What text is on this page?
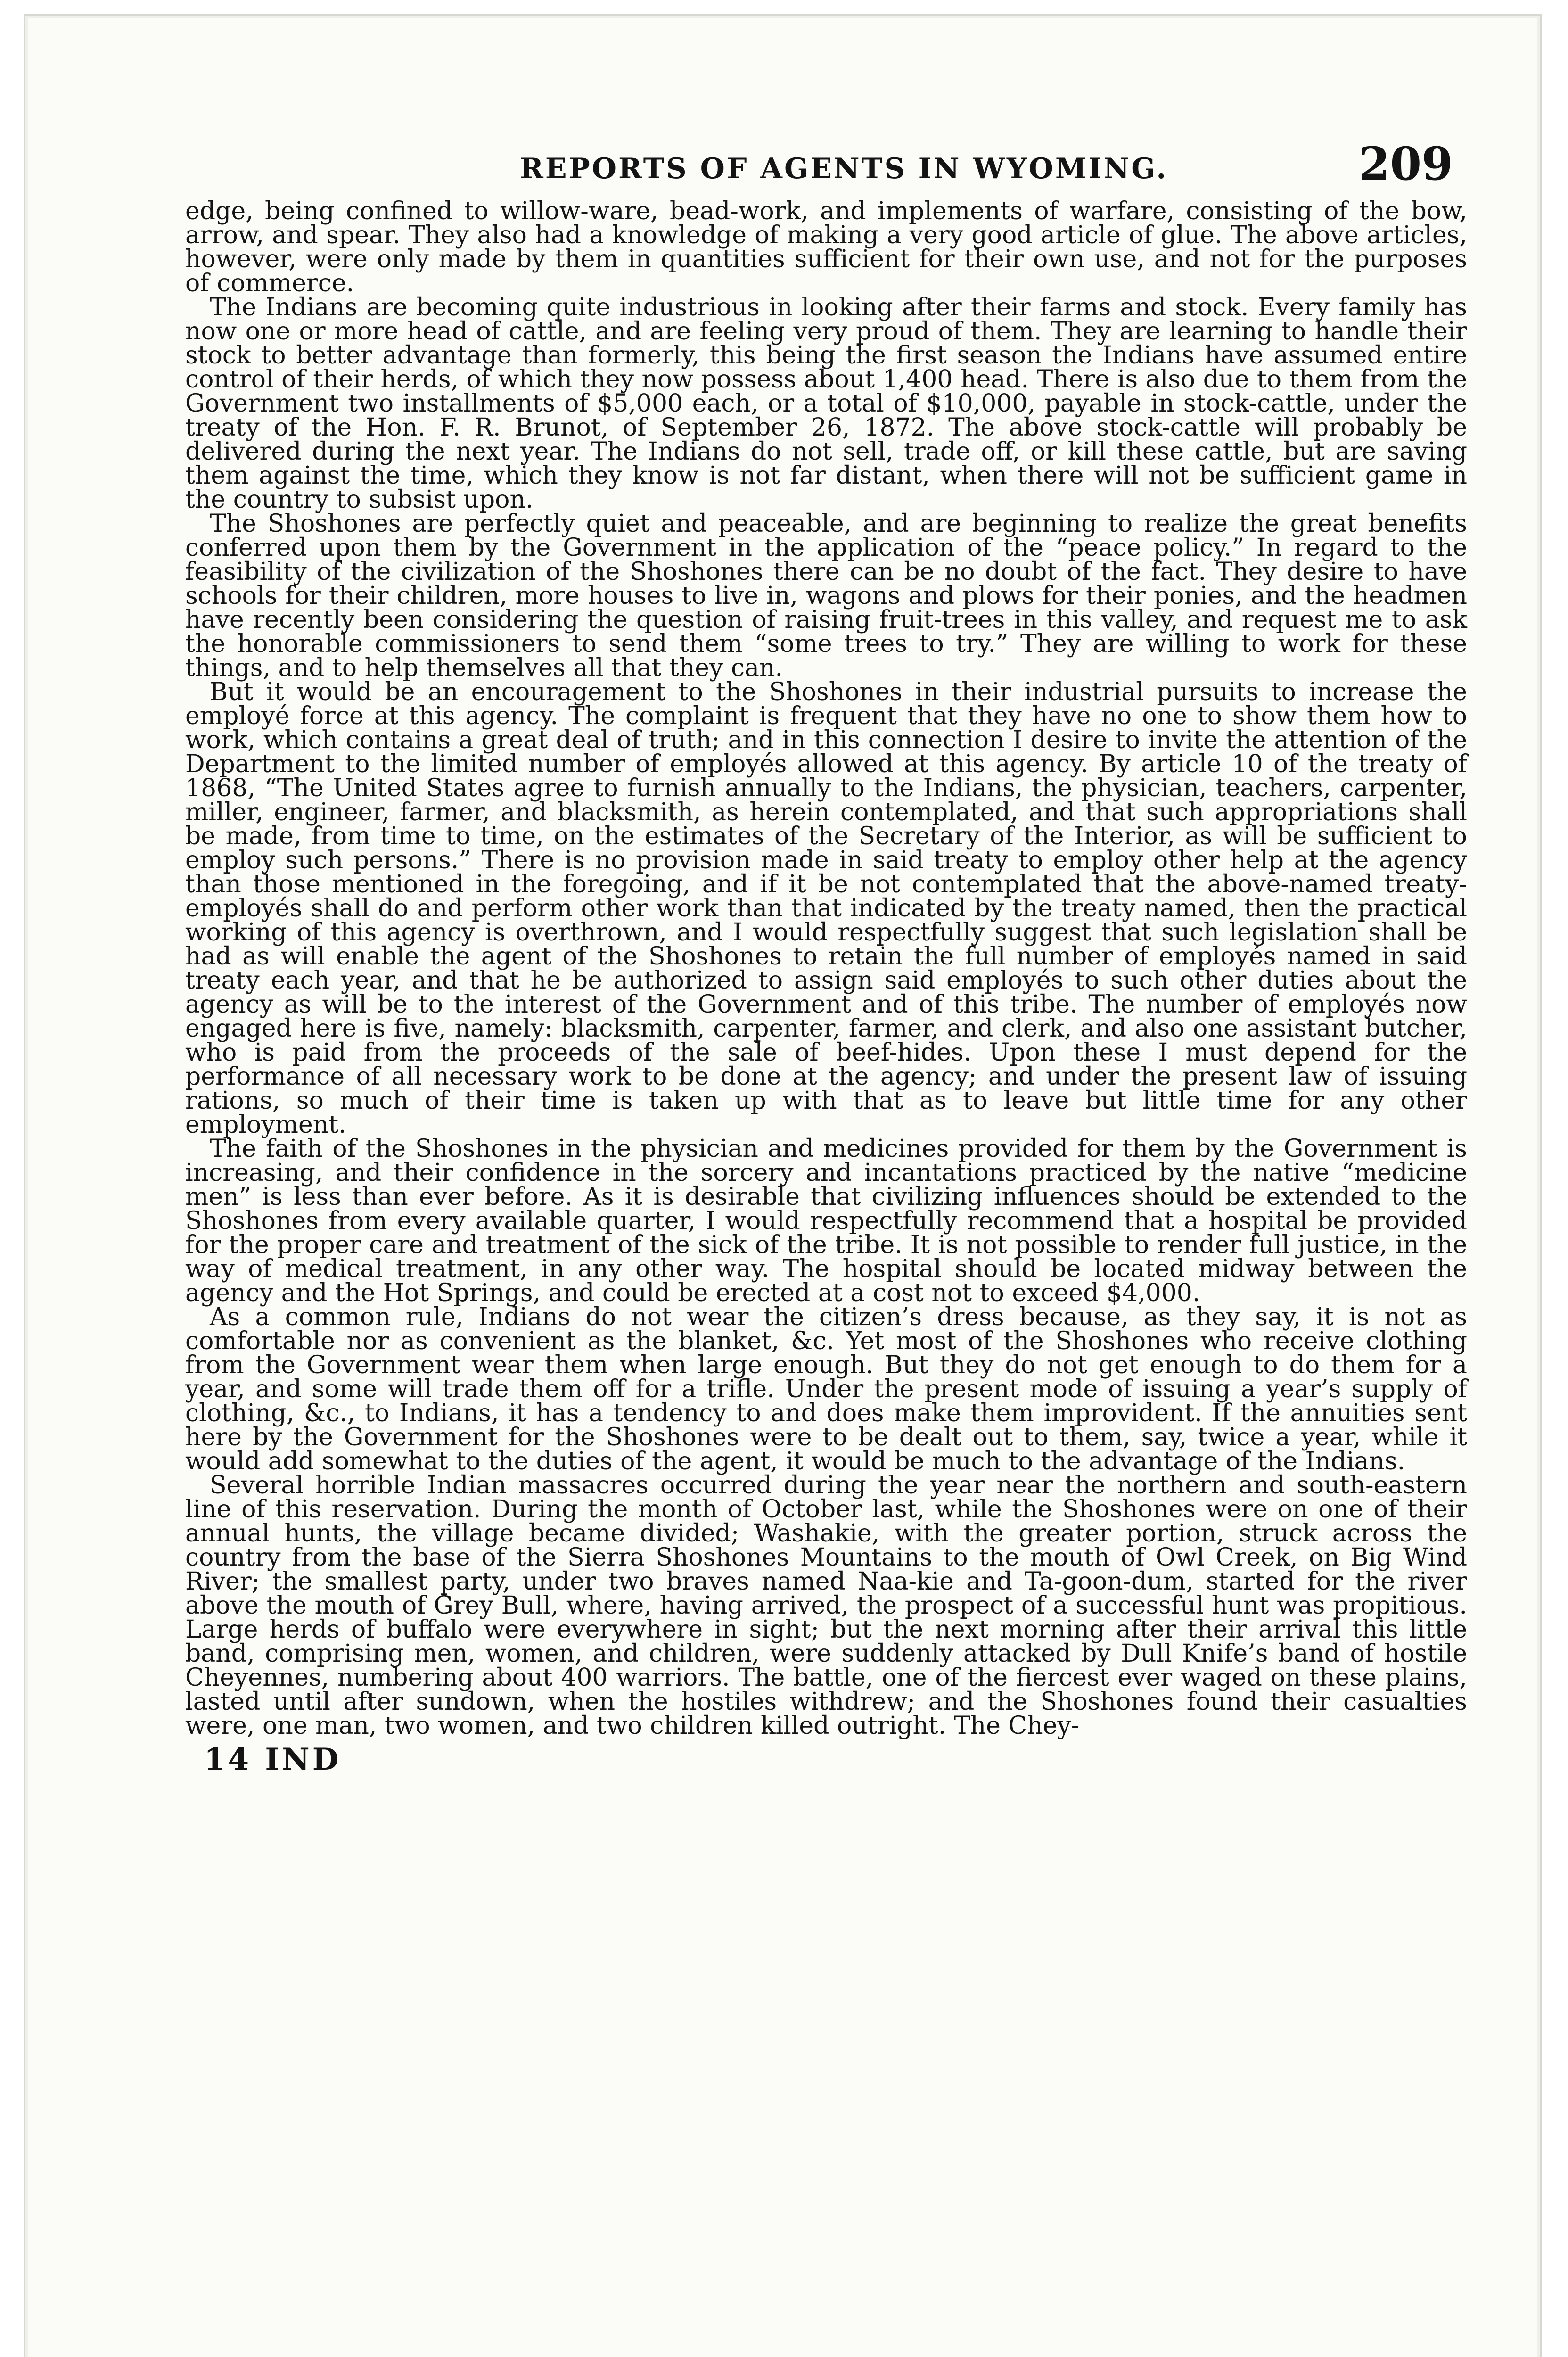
REPORTS OF AGENTS IN WYOMING.	209

edge, being confined to willow-ware, bead-work, and implements of warfare, consisting of the bow, arrow, and spear. They also had a knowledge of making a very good article of glue. The above articles, however, were only made by them in quantities sufficient for their own use, and not for the purposes of commerce.

The Indians are becoming quite industrious in looking after their farms and stock. Every family has now one or more head of cattle, and are feeling very proud of them. They are learning to handle their stock to better advantage than formerly, this being the first season the Indians have assumed entire control of their herds, of which they now possess about 1,400 head. There is also due to them from the Government two installments of $5,000 each, or a total of $10,000, payable in stock-cattle, under the treaty of the Hon. F. R. Brunot, of September 26, 1872. The above stock-cattle will probably be delivered during the next year. The Indians do not sell, trade off, or kill these cattle, but are saving them against the time, which they know is not far distant, when there will not be sufficient game in the country to subsist upon.

The Shoshones are perfectly quiet and peaceable, and are beginning to realize the great benefits conferred upon them by the Government in the application of the “peace policy.” In regard to the feasibility of the civilization of the Shoshones there can be no doubt of the fact. They desire to have schools for their children, more houses to live in, wagons and plows for their ponies, and the headmen have recently been considering the question of raising fruit-trees in this valley, and request me to ask the honorable commissioners to send them “some trees to try.” They are willing to work for these things, and to help themselves all that they can.

But it would be an encouragement to the Shoshones in their industrial pursuits to increase the employé force at this agency. The complaint is frequent that they have no one to show them how to work, which contains a great deal of truth; and in this connection I desire to invite the attention of the Department to the limited number of employés allowed at this agency. By article 10 of the treaty of 1868, “The United States agree to furnish annually to the Indians, the physician, teachers, carpenter, miller, engineer, farmer, and blacksmith, as herein contemplated, and that such appropriations shall be made, from time to time, on the estimates of the Secretary of the Interior, as will be sufficient to employ such persons.” There is no provision made in said treaty to employ other help at the agency than those mentioned in the foregoing, and if it be not contemplated that the above-named treaty-employés shall do and perform other work than that indicated by the treaty named, then the practical working of this agency is overthrown, and I would respectfully suggest that such legislation shall be had as will enable the agent of the Shoshones to retain the full number of employés named in said treaty each year, and that he be authorized to assign said employés to such other duties about the agency as will be to the interest of the Government and of this tribe. The number of employés now engaged here is five, namely: blacksmith, carpenter, farmer, and clerk, and also one assistant butcher, who is paid from the proceeds of the sale of beef-hides. Upon these I must depend for the performance of all necessary work to be done at the agency; and under the present law of issuing rations, so much of their time is taken up with that as to leave but little time for any other employment.

The faith of the Shoshones in the physician and medicines provided for them by the Government is increasing, and their confidence in the sorcery and incantations practiced by the native “medicine men” is less than ever before. As it is desirable that civilizing influences should be extended to the Shoshones from every available quarter, I would respectfully recommend that a hospital be provided for the proper care and treatment of the sick of the tribe. It is not possible to render full justice, in the way of medical treatment, in any other way. The hospital should be located midway between the agency and the Hot Springs, and could be erected at a cost not to exceed $4,000.

As a common rule, Indians do not wear the citizen’s dress because, as they say, it is not as comfortable nor as convenient as the blanket, &c. Yet most of the Shoshones who receive clothing from the Government wear them when large enough. But they do not get enough to do them for a year, and some will trade them off for a trifle. Under the present mode of issuing a year’s supply of clothing, &c., to Indians, it has a tendency to and does make them improvident. If the annuities sent here by the Government for the Shoshones were to be dealt out to them, say, twice a year, while it would add somewhat to the duties of the agent, it would be much to the advantage of the Indians.

Several horrible Indian massacres occurred during the year near the northern and south-eastern line of this reservation. During the month of October last, while the Shoshones were on one of their annual hunts, the village became divided; Washakie, with the greater portion, struck across the country from the base of the Sierra Shoshones Mountains to the mouth of Owl Creek, on Big Wind River; the smallest party, under two braves named Naa-kie and Ta-goon-dum, started for the river above the mouth of Grey Bull, where, having arrived, the prospect of a successful hunt was propitious. Large herds of buffalo were everywhere in sight; but the next morning after their arrival this little band, comprising men, women, and children, were suddenly attacked by Dull Knife’s band of hostile Cheyennes, numbering about 400 warriors. The battle, one of the fiercest ever waged on these plains, lasted until after sundown, when the hostiles withdrew; and the Shoshones found their casualties were, one man, two women, and two children killed outright. The Chey-

14 IND
